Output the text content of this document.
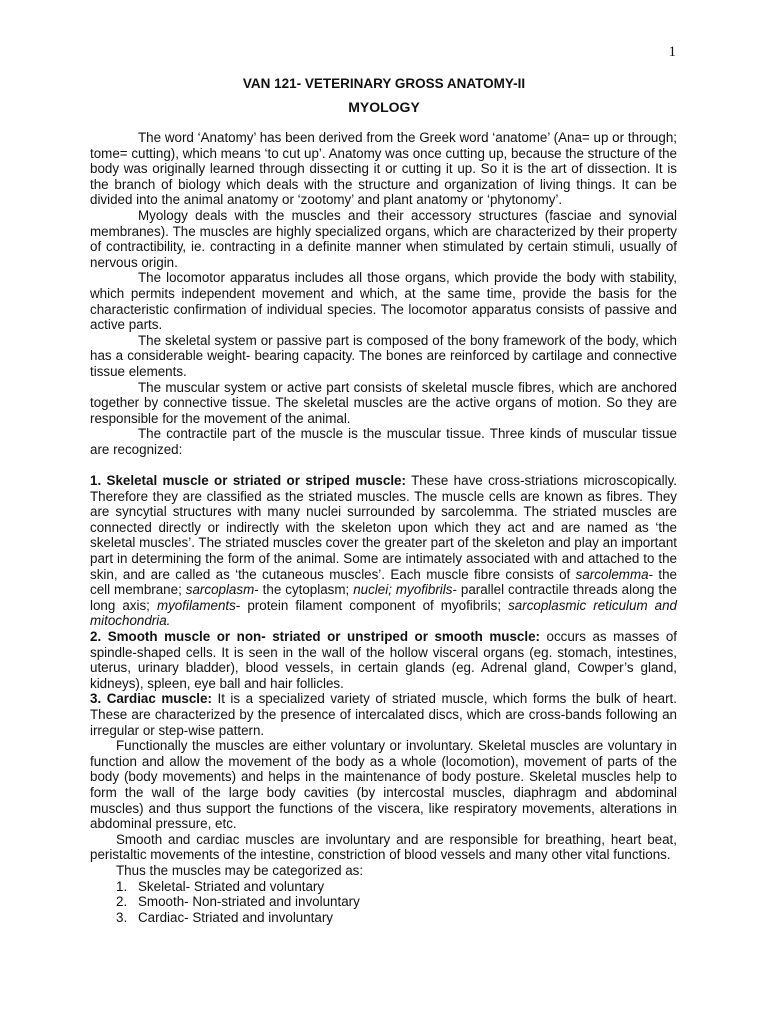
1
VAN 121- VETERINARY GROSS ANATOMY-II
MYOLOGY

The word ‘Anatomy’ has been derived from the Greek word ‘anatome’ (Ana= up or through; tome= cutting), which means ‘to cut up’. Anatomy was once cutting up, because the structure of the body was originally learned through dissecting it or cutting it up. So it is the art of dissection. It is the branch of biology which deals with the structure and organization of living things. It can be divided into the animal anatomy or ‘zootomy’ and plant anatomy or ‘phytonomy’.

Myology deals with the muscles and their accessory structures (fasciae and synovial membranes). The muscles are highly specialized organs, which are characterized by their property of contractibility, ie. contracting in a definite manner when stimulated by certain stimuli, usually of nervous origin.

The locomotor apparatus includes all those organs, which provide the body with stability, which permits independent movement and which, at the same time, provide the basis for the characteristic confirmation of individual species. The locomotor apparatus consists of passive and active parts.

The skeletal system or passive part is composed of the bony framework of the body, which has a considerable weight- bearing capacity. The bones are reinforced by cartilage and connective tissue elements.

The muscular system or active part consists of skeletal muscle fibres, which are anchored together by connective tissue. The skeletal muscles are the active organs of motion. So they are responsible for the movement of the animal.

The contractile part of the muscle is the muscular tissue. Three kinds of muscular tissue are recognized:

1. Skeletal muscle or striated or striped muscle: These have cross-striations microscopically. Therefore they are classified as the striated muscles. The muscle cells are known as fibres. They are syncytial structures with many nuclei surrounded by sarcolemma. The striated muscles are connected directly or indirectly with the skeleton upon which they act and are named as ‘the skeletal muscles’. The striated muscles cover the greater part of the skeleton and play an important part in determining the form of the animal. Some are intimately associated with and attached to the skin, and are called as ‘the cutaneous muscles’. Each muscle fibre consists of sarcolemma- the cell membrane; sarcoplasm- the cytoplasm; nuclei; myofibrils- parallel contractile threads along the long axis; myofilaments- protein filament component of myofibrils; sarcoplasmic reticulum and mitochondria.

2. Smooth muscle or non- striated or unstriped or smooth muscle: occurs as masses of spindle-shaped cells. It is seen in the wall of the hollow visceral organs (eg. stomach, intestines, uterus, urinary bladder), blood vessels, in certain glands (eg. Adrenal gland, Cowper’s gland, kidneys), spleen, eye ball and hair follicles.

3. Cardiac muscle: It is a specialized variety of striated muscle, which forms the bulk of heart. These are characterized by the presence of intercalated discs, which are cross-bands following an irregular or step-wise pattern.

Functionally the muscles are either voluntary or involuntary. Skeletal muscles are voluntary in function and allow the movement of the body as a whole (locomotion), movement of parts of the body (body movements) and helps in the maintenance of body posture. Skeletal muscles help to form the wall of the large body cavities (by intercostal muscles, diaphragm and abdominal muscles) and thus support the functions of the viscera, like respiratory movements, alterations in abdominal pressure, etc.

Smooth and cardiac muscles are involuntary and are responsible for breathing, heart beat, peristaltic movements of the intestine, constriction of blood vessels and many other vital functions.

Thus the muscles may be categorized as:

1. Skeletal- Striated and voluntary
2. Smooth- Non-striated and involuntary
3. Cardiac- Striated and involuntary
